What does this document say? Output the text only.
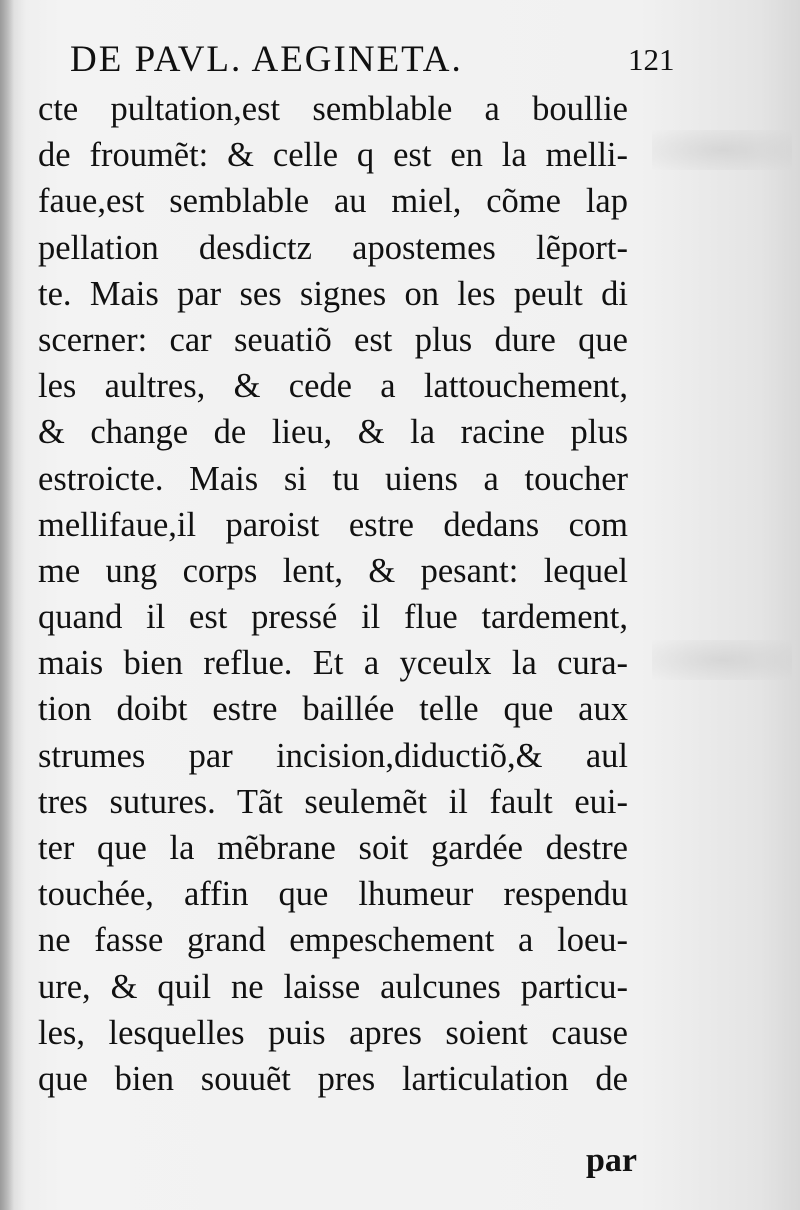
DE PAVL. AEGINETA.	121
cte pultation,est semblable a boullie
de froumẽt: & celle q est en la melli-
faue,est semblable au miel, cõme lap
pellation desdictz apostemes lẽport-
te. Mais par ses signes on les peult di
scerner: car seuatiõ est plus dure que
les aultres, & cede a lattouchement,
& change de lieu, & la racine plus
estroicte. Mais si tu uiens a toucher
mellifaue,il paroist estre dedans com
me ung corps lent, & pesant: lequel
quand il est pressé il flue tardement,
mais bien reflue. Et a yceulx la cura-
tion doibt estre baillée telle que aux
strumes par incision,diductiõ,& aul
tres sutures. Tãt seulemẽt il fault eui-
ter que la mẽbrane soit gardée destre
touchée, affin que lhumeur respendu
ne fasse grand empeschement a loeu-
ure, & quil ne laisse aulcunes particu-
les, lesquelles puis apres soient cause
que bien souuẽt pres larticulation de
par
